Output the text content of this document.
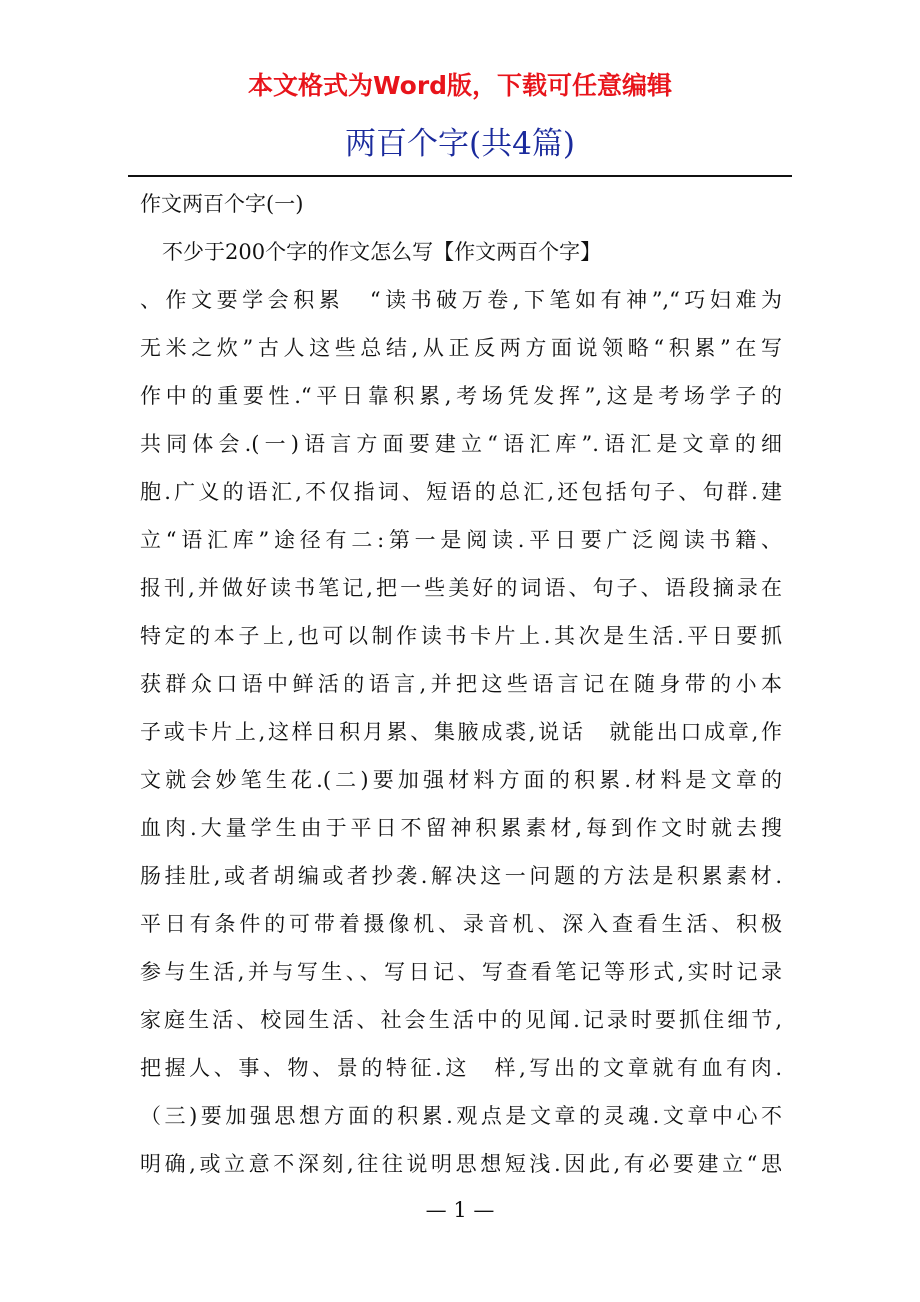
本文格式为Word版，下载可任意编辑
两百个字(共4篇)
作文两百个字(一)
不少于200个字的作文怎么写【作文两百个字】
、作文要学会积累　“读书破万卷,下笔如有神”,“巧妇难为
无米之炊”古人这些总结,从正反两方面说领略“积累”在写
作中的重要性.“平日靠积累,考场凭发挥”,这是考场学子的
共同体会.(一)语言方面要建立“语汇库”.语汇是文章的细
胞.广义的语汇,不仅指词、短语的总汇,还包括句子、句群.建
立“语汇库”途径有二:第一是阅读.平日要广泛阅读书籍、
报刊,并做好读书笔记,把一些美好的词语、句子、语段摘录在
特定的本子上,也可以制作读书卡片上.其次是生活.平日要抓
获群众口语中鲜活的语言,并把这些语言记在随身带的小本
子或卡片上,这样日积月累、集腋成裘,说话　就能出口成章,作
文就会妙笔生花.(二)要加强材料方面的积累.材料是文章的
血肉.大量学生由于平日不留神积累素材,每到作文时就去搜
肠挂肚,或者胡编或者抄袭.解决这一问题的方法是积累素材.
平日有条件的可带着摄像机、录音机、深入查看生活、积极
参与生活,并与写生、、写日记、写查看笔记等形式,实时记录
家庭生活、校园生活、社会生活中的见闻.记录时要抓住细节,
把握人、事、物、景的特征.这　样,写出的文章就有血有肉.
（三)要加强思想方面的积累.观点是文章的灵魂.文章中心不
明确,或立意不深刻,往往说明思想短浅.因此,有必要建立“思
— 1 —
